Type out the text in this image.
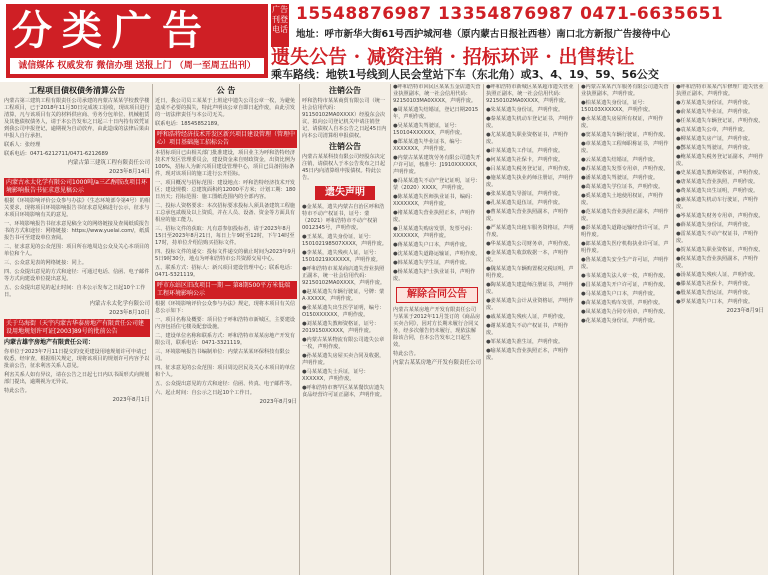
分类广告
诚信媒体 权威发布 微信办理 送报上门 （周一至周五出刊）
广告刊登电话
15548876987 13354876987 0471-6635651
地址：呼市新华大街61号西护城河巷（原内蒙古日报社西巷）南口北方新报广告接待中心
遗失公告 · 减资注销 · 招标环评 · 出售转让
乘车路线：地铁1号线到人民会堂站下车（东北角）或3、4、19、59、56公交
工程项目债权债务清算公告

内蒙古第三建筑工程有限责任公司承建的内蒙古某某学校教学楼工程项目，已于2018年11月30日完成竣工验收，现该项目进行清算，凡与该项目有关的材料供应商、劳务分包单位、机械租赁及其他债权债务人，请于本公告发布之日起三十日内持有效凭证到我公司申报登记，逾期视为自动放弃，由此造成的法律后果由申报人自行承担。

联系人：张经理

联系电话：0471-6212711/0471-6212689

内蒙古第三建筑工程有限责任公司

2023年8月14日

内蒙古永太化学有限公司1000吨/a三乙醇胺改项目环境影响报告书征求意见稿公示

根据《环境影响评价公众参与办法》（生态环境部令第4号）的相关要求，现将项目环境影响报告书征求意见稿进行公示，征求与本项目环境影响有关的意见。

一、环境影响报告书征求意见稿全文的网络链接及查阅纸质报告书的方式和途径：网络链接：https://www.yuelai.com/，纸质报告书可至建设单位查阅。

二、征求意见的公众范围：项目所在地周边公众及关心本项目的单位和个人。

三、公众意见表的网络链接：同上。

四、公众提出意见的方式和途径：可通过电话、信函、电子邮件等方式向建设单位提出意见。

五、公众提出意见的起止时间：自本公示发布之日起10个工作日。

内蒙古永太化学有限公司

2023年8月10日

关于乌海街（天宇内蒙古华泰房地产有限责任公司建设用地规划许可证[2003]89号的批前公告
内蒙古雄宇房地产有限责任公司：

你单位于2023年7月11日提交的变更建设用地规划许可申请已收悉，经审查，根据相关规定，现将该项目的规划许可内容予以批前公告，征求利害关系人意见。

利害关系人如有异议，请在公告之日起七日内以书面形式向规划部门提出，逾期视为无异议。

特此公告。

2023年8月1日

公 告

近日，我公司员工某某于上班途中遗失公司公章一枚，为避免造成不必要的损失，特此声明该公章自即日起作废，由此引发的一切法律责任与本公司无关。

联系电话：18545852189。

呼和浩特经济技术开发区新兴项目建设管理（管理中心）项目基础施工招标公告

本招标项目已由相关部门批准建设，项目业主为呼和浩特经济技术开发区管理委员会，建设资金来自财政资金，出资比例为100%，招标人为新兴项目建设管理中心，项目已具备招标条件，现对该项目的施工进行公开招标。

一、项目概况与招标范围：建设地点：呼和浩特经济技术开发区；建设规模：总建筑面积约12000平方米；计划工期：180日历天；招标范围：施工图纸范围内的全部内容。

二、投标人资格要求：本次招标要求投标人须具备建筑工程施工总承包贰级及以上资质，并在人员、设备、资金等方面具有相应的施工能力。

三、招标文件的获取：凡有意参加投标者，请于2023年8月15日至2023年8月21日，每日上午9时至12时，下午14时至17时，持单位介绍信购买招标文件。

四、投标文件的递交：投标文件递交的截止时间为2023年9月5日9时30分，地点为呼和浩特市公共资源交易中心。

五、联系方式：招标人：新兴项目建设管理中心；联系电话：0471-5321119。

呼市东站区旧改项目一期 — 第8期500平方米低端工程环境影响公示

根据《环境影响评价公众参与办法》规定，现将本项目有关信息公示如下：

一、项目名称及概要：项目位于呼和浩特市新城区，主要建设内容包括住宅楼及配套设施。

二、建设单位名称和联系方式：呼和浩特市某某房地产开发有限公司，联系电话：0471-3321119。

三、环境影响报告书编制单位：内蒙古某某环保科技有限公司。

四、征求意见的公众范围：项目周边居民及关心本项目的单位和个人。

五、公众提出意见的方式和途径：信函、传真、电子邮件等。

六、起止时间：自公示之日起10个工作日。

2023年8月9日

注销公告

呼和浩特市某某商贸有限公司（统一社会信用代码：91150102MA0XXXX）经股东会决议，拟向公司登记机关申请注销登记，请债权人自本公告之日起45日内向本公司清算组申报债权。

注销公告

内蒙古某某科技有限公司经股东决定注销，请债权人于本公告发布之日起45日内向清算组申报债权。特此公告。

遗失声明

●金某某，遗失内蒙古自治区呼和浩特市不动产权证书，证号：蒙（2021）呼和浩特市不动产权第0012345号，声明作废。

●王某某，遗失身份证，证号：150102198507XXXX，声明作废。

●李某某，遗失残疾人证，证号：15010219XXXXXX，声明作废。

●呼和浩特市某某商店遗失营业执照正副本，统一社会信用代码：92150102MA0XXXX，声明作废。

●赵某某遗失车辆行驶证，号牌：蒙A·XXXXX，声明作废。

●张某某遗失出生医学证明，编号：O150XXXXXX，声明作废。

●刘某某遗失教师资格证，证号：2019150XXXXX，声明作废。

●内蒙古某某物流有限公司遗失公章一枚，声明作废。

●孙某某遗失房屋买卖合同及收据，声明作废。

●马某某遗失士兵证，证号：XXXXXX，声明作废。

●呼和浩特市赛罕区某某餐饮店遗失食品经营许可证正副本，声明作废。

●呼和浩特市回民区某某五金店遗失营业执照副本，统一社会信用代码：92150103MA0XXXX，声明作废。

●周某某遗失结婚证，登记日期2015年，声明作废。

●吴某某遗失驾驶证，证号：150104XXXXXX，声明作废。

●郑某某遗失毕业证书，编号：XXXXXXX，声明作废。

●内蒙古某某建筑劳务有限公司遗失开户许可证，核准号：J1910XXXXXX，声明作废。

●冯某某遗失不动产登记证明，证号：蒙（2020）XXXX，声明作废。

●陈某某遗失医师执业证书，编码：XXXXXXX，声明作废。

●褚某某遗失营业执照正本，声明作废。

●卫某某遗失购房发票，发票号码：XXXXXXX，声明作废。

●蒋某某遗失户口本，声明作废。

●沈某某遗失道路运输证，声明作废。

●韩某某遗失学生证，声明作废。

●杨某某遗失护士执业证书，声明作废。

解除合同公告

内蒙古某某房地产开发有限责任公司与某某于2012年11月签订的《商品房买卖合同》，因对方长期未履行合同义务，经多次催告仍未履行，现依法解除该合同，自本公告发布之日起生效。

特此公告。

内蒙古某某房地产开发有限责任公司

●呼和浩特市新城区某某超市遗失营业执照正副本，统一社会信用代码：92150102MA0XXXX，声明作废。

●朱某某遗失身份证，声明作废。

●秦某某遗失机动车登记证书，声明作废。

●尤某某遗失职业资格证书，声明作废。

●许某某遗失工作证，声明作废。

●何某某遗失社保卡，声明作废。

●吕某某遗失税务登记证，声明作废。

●施某某遗失执业药师注册证，声明作废。

●张某某遗失导游证，声明作废。

●孔某某遗失退伍证，声明作废。

●曹某某遗失营业执照副本，声明作废。

●严某某遗失出租车服务资格证，声明作废。

●华某某遗失公司财务章，声明作废。

●金某某遗失收款收据一本，声明作废。

●魏某某遗失车辆购置税完税证明，声明作废。

●陶某某遗失建造师注册证书，声明作废。

●姜某某遗失会计从业资格证，声明作废。

●戚某某遗失残疾人证，声明作废。

●谢某某遗失不动产权证书，声明作废。

●邹某某遗失准生证，声明作废。

●喻某某遗失营业执照正本，声明作废。

●内蒙古某某汽车服务有限公司遗失营业执照副本，声明作废。

●柏某某遗失身份证，证号：150103XXXXXX，声明作废。

●水某某遗失房屋所有权证，声明作废。

●窦某某遗失车辆行驶证，声明作废。

●章某某遗失工程师职称证书，声明作废。

●云某某遗失结婚证，声明作废。

●苏某某遗失发票专用章，声明作废。

●潘某某遗失驾驶证，声明作废。

●葛某某遗失学位证书，声明作废。

●奚某某遗失土地使用权证，声明作废。

●范某某遗失营业执照正副本，声明作废。

●彭某某遗失道路运输经营许可证，声明作废。

●郎某某遗失医疗机构执业许可证，声明作废。

●鲁某某遗失安全生产许可证，声明作废。

●韦某某遗失法人章一枚，声明作废。

●昌某某遗失开户许可证，声明作废。

●马某某遗失户口本，声明作废。

●苗某某遗失购车发票，声明作废。

●凤某某遗失合同专用章，声明作废。

●花某某遗失身份证，声明作废。

●呼和浩特市某某汽车修理厂遗失营业执照正副本，声明作废。

●方某某遗失身份证，声明作废。

●俞某某遗失毕业证，声明作废。

●任某某遗失车辆登记证，声明作废。

●袁某某遗失公章，声明作废。

●柳某某遗失房产证，声明作废。

●酆某某遗失驾驶证，声明作废。

●鲍某某遗失税务登记证副本，声明作废。

●史某某遗失教师资格证，声明作废。

●唐某某遗失营业执照，声明作废。

●费某某遗失出生证明，声明作废。

●廉某某遗失机动车行驶证，声明作废。

●岑某某遗失财务专用章，声明作废。

●薛某某遗失身份证，声明作废。

●雷某某遗失不动产权证书，声明作废。

●贺某某遗失职业资格证，声明作废。

●倪某某遗失营业执照副本，声明作废。

●汤某某遗失残疾人证，声明作废。

●滕某某遗失社保卡，声明作废。

●殷某某遗失营运证，声明作废。

●罗某某遗失户口本，声明作废。

2023年8月9日
